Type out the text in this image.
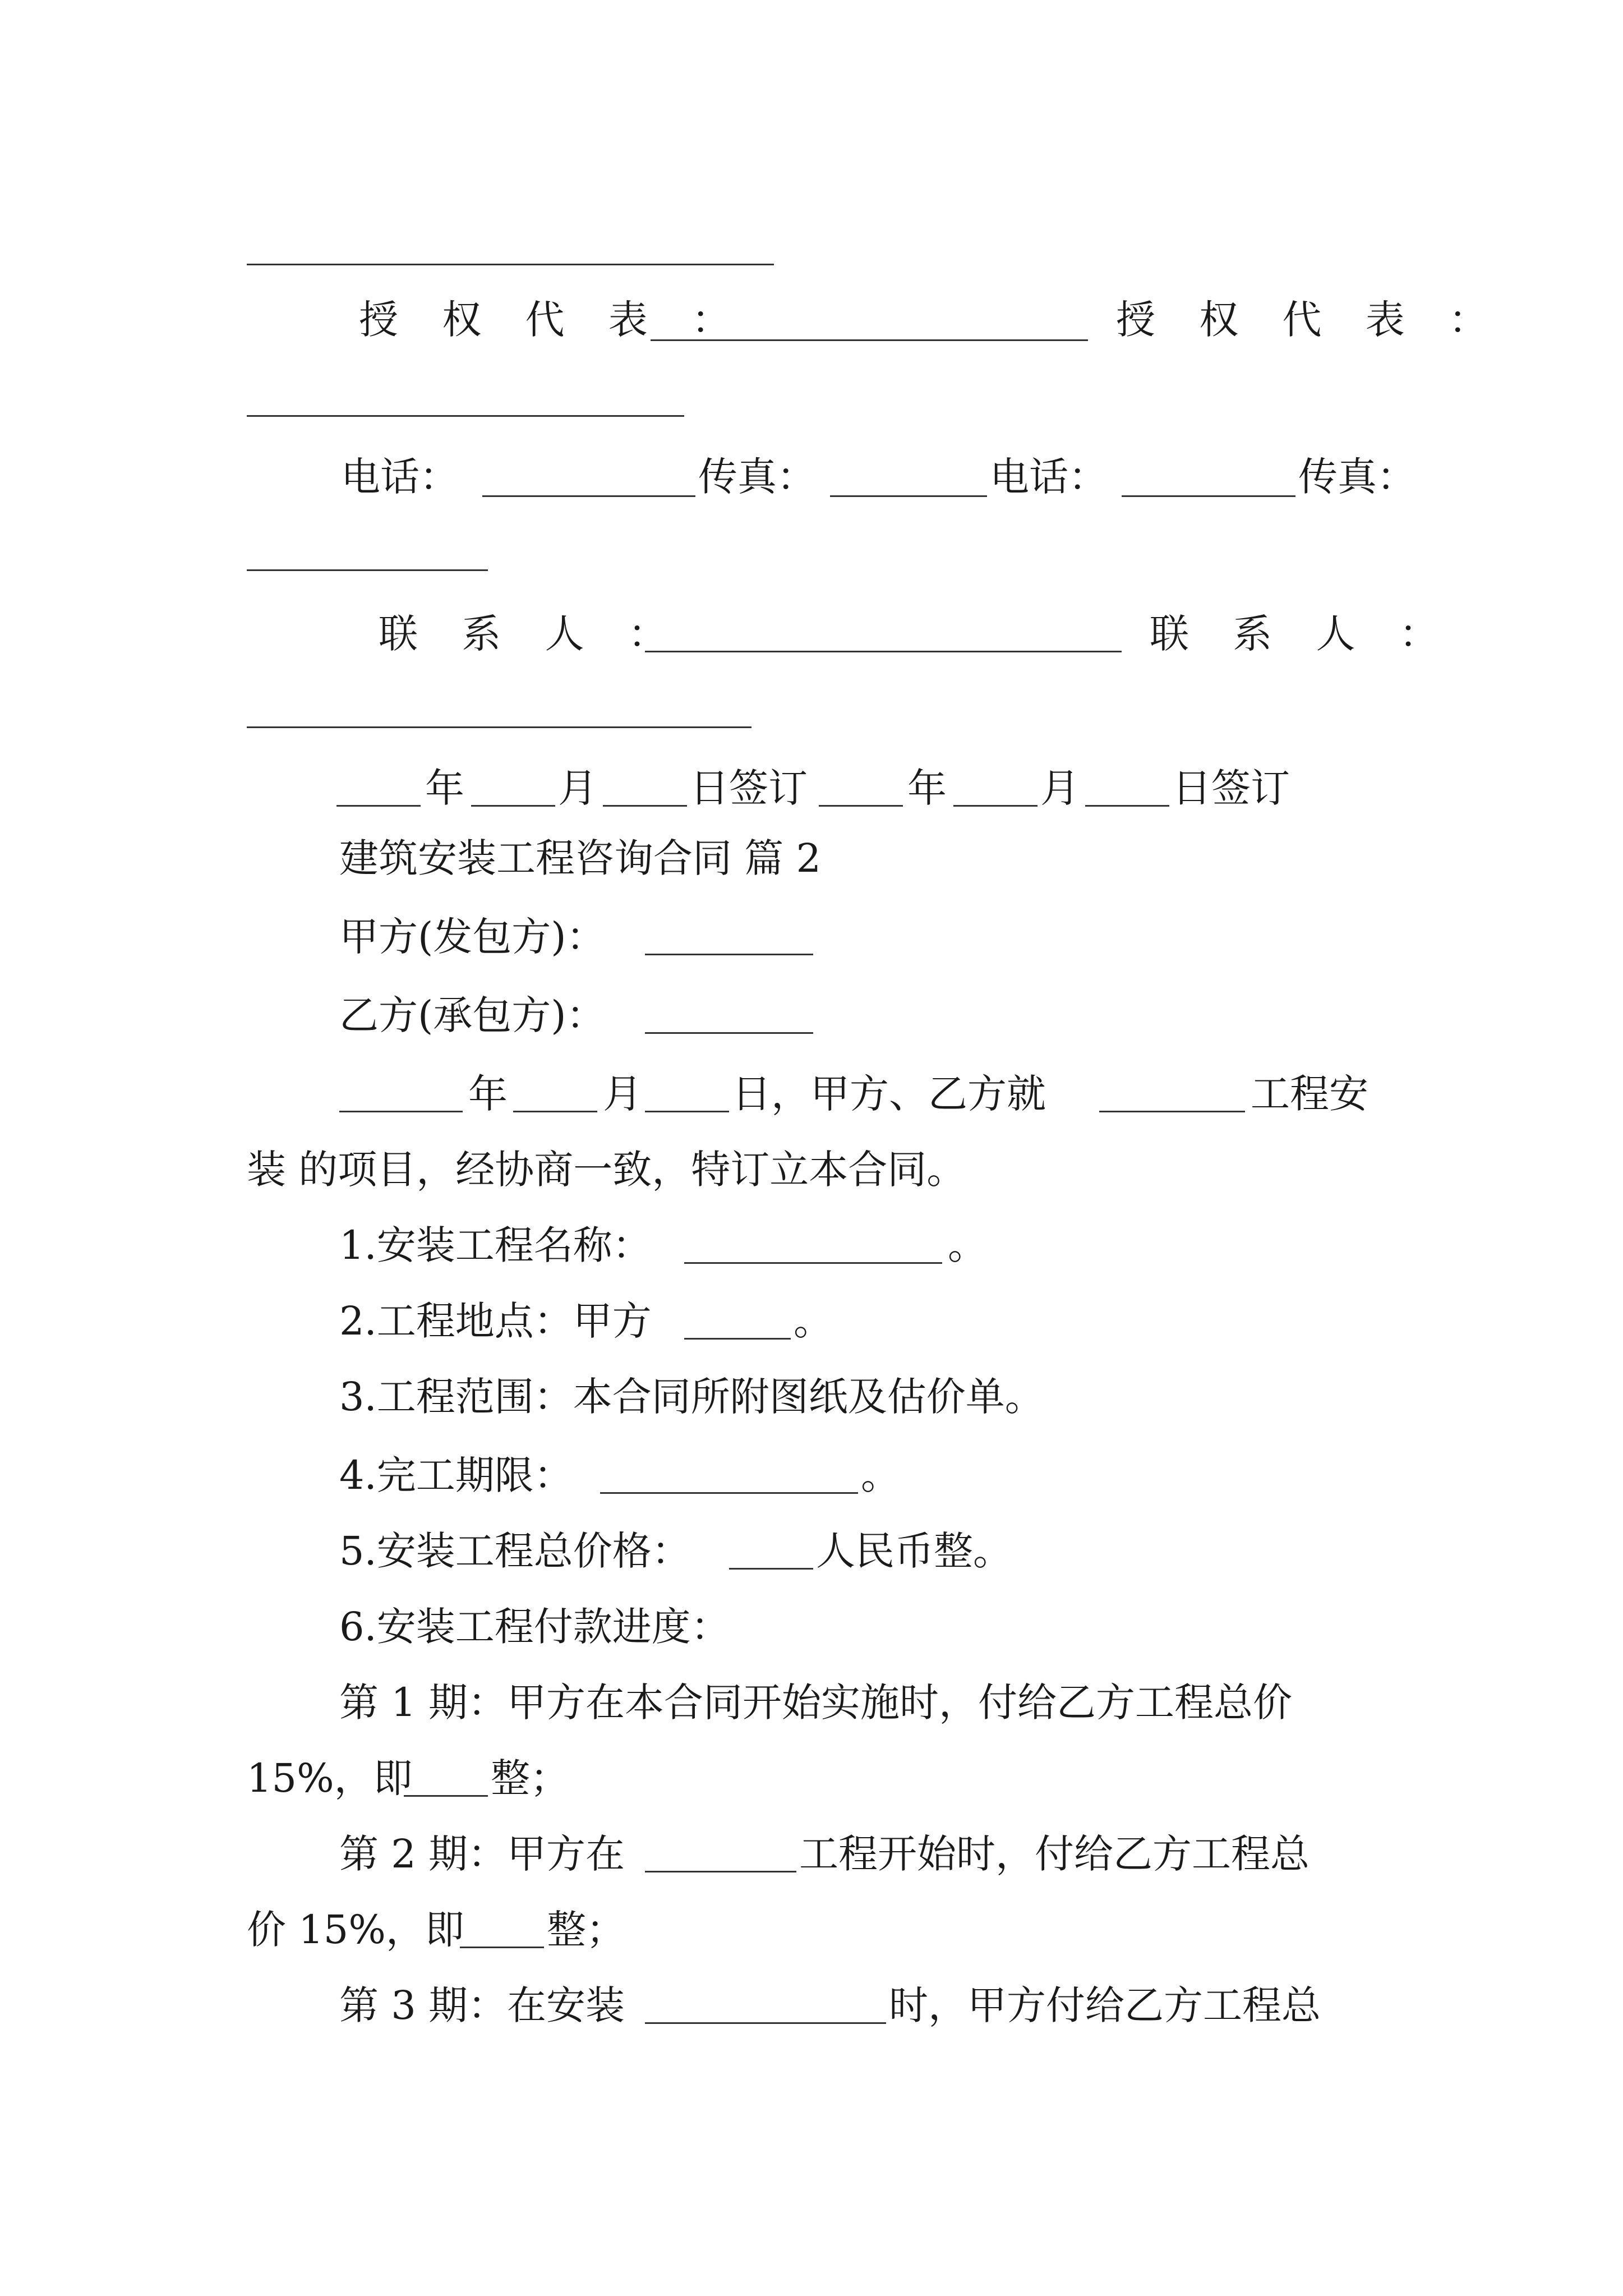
授 权 代 表 ：	授 权 代 表 ：
电话：	传真：	电话：	传真：
联 系 人 ：	联 系 人 ：
年 月 日签订	年 月 日签订
建筑安装工程咨询合同 篇 2
甲方(发包方)：
乙方(承包方)：
年 月 日，甲方、乙方就	工程安
装 的项目，经协商一致，特订立本合同。
1.安装工程名称：	。
2.工程地点：甲方	。
3.工程范围：本合同所附图纸及估价单。
4.完工期限：	。
5.安装工程总价格：	人民币整。
6.安装工程付款进度：
第 1 期：甲方在本合同开始实施时，付给乙方工程总价
15%，即 整；
第 2 期：甲方在	工程开始时，付给乙方工程总
价 15%，即 整；
第 3 期：在安装	时，甲方付给乙方工程总
